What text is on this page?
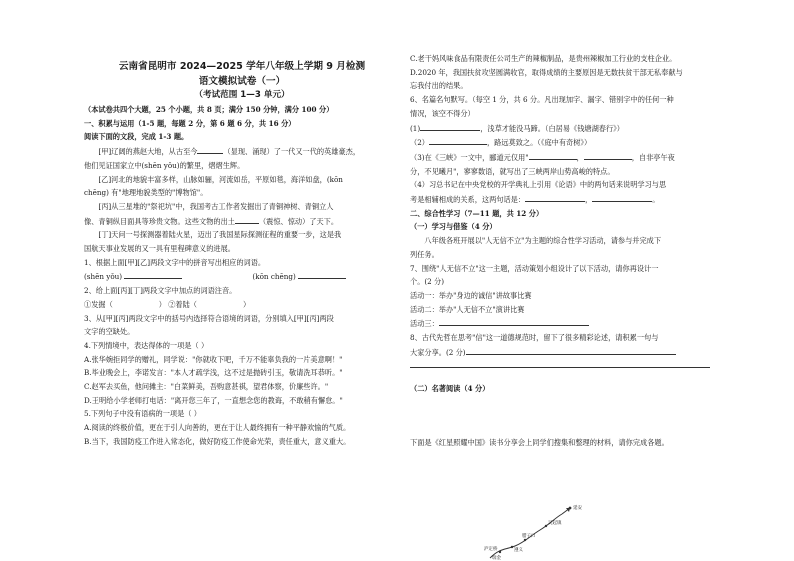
云南省昆明市 2024—2025 学年八年级上学期 9 月检测
语文模拟试卷（一）
（考试范围 1—3 单元）
（本试卷共四个大题，25 个小题，共 8 页；满分 150 分钟，满分 100 分）
一、积累与运用（1-5 题，每题 2 分，第 6 题 6 分，共 16 分）
阅读下面的文段，完成 1-3 题。
[甲]辽阔的燕赵大地，从古至今	（显现、涌现）了一代又一代的英雄豪杰，
他们见证国家立中(shēn yǒu)的繁里，熠熠生辉。
[乙]河北的地貌丰富多样，山脉如骊，河流如岳，平原如毯，海洋如盘，(kōn
chēng) 有"地理地貌类型的"博物馆"。
[丙]从三星堆的"祭祀坑"中，我国考古工作者发掘出了青铜神树、青铜立人
像、青铜纵目面具等珍贵文物。这些文物的出土	（震惊、惊动）了天下。
[丁]天问一号探测器着陆火星，迈出了我国星际探测征程的重要一步，这是我
国航天事业发展的又一具有里程碑意义的进展。
1、根据上面[甲][乙]两段文字中的拼音写出相应的词语。
(shēn yǒu)	(kōn chēng)
2、给上面[丙][丁]两段文字中加点的词语注音。
①发掘（	） ②着陆（	）
3、从[甲][丙]两段文字中的括号内选择符合语境的词语，分别填入[甲][丙]两段
文字的空缺处。
4.下列情境中，表达得体的一项是（ ）
A.张华婉拒同学的赠礼，同学说："你就收下吧，千万不能辜负我的一片美意啊！"
B.毕业晚会上，李诺发言："本人才疏学浅，这不过是抛砖引玉，敬请洗耳恭听。"
C.赵军去买鱼，他问摊主："白菜鲜美，吾购意甚祺，望君体察，价廉些许。"
D.王明给小学老师打电话："离开您三年了，一直想念您的教诲，不敢稍有懈怠。"
5.下列句子中没有语病的一项是（ ）
A.阅读的终极价值，更在于引人向善的，更在于让人最终拥有一种平静欢愉的气质。
B.当下，我国防疫工作进入常态化，做好防疫工作使命光荣，责任重大，意义重大。
C.老干妈风味食品有限责任公司生产的辣椒制品，是贵州辣椒加工行业的支柱企业。
D.2020 年，我国扶贫攻坚圆满收官，取得成绩的主要原因是无数扶贫干部无私奉献与
忘我付出的结果。
6、名篇名句默写。（每空 1 分，共 6 分。凡出现加字、漏字、错别字中的任何一种
情况，该空不得分）
(1)	，浅草才能没马蹄。（白居易《钱塘湖春行》）
（2）	，路远莫致之。（《庭中有奇树》）
（3)在《三峡》一文中，郦道元仅用"	，	，自非亭午夜
分，不见曦月"，寥寥数语，就写出了三峡两岸山势高峻的特点。
（4）习总书记在中央党校的开学典礼上引用《论语》中的两句话来说明学习与思
考是相辅相成的关系，这两句话是：	，	。
二、综合性学习（7—11 题，共 12 分）
（一）学习与借鉴（4 分）
八年级各班开展以"人无信不立"为主题的综合性学习活动，请参与并完成下
列任务。
7、围绕"人无信不立"这一主题，活动策划小组设计了以下活动，请你再设计一
个。(2 分)
活动一：举办"身边的诚信"讲故事比赛
活动二：举办"人无信不立"演讲比赛
活动三：
8、古代先哲在思考"信"这一道德规范时，留下了很多精彩论述，请积累一句与
大家分享。(2 分)
（二）名著阅读（4 分）
下面是《红星照耀中国》读书分享会上同学们搜集和整理的材料，请你完成各题。
延安
吴起镇
腊子口
遵义
泸定桥
瑞金
